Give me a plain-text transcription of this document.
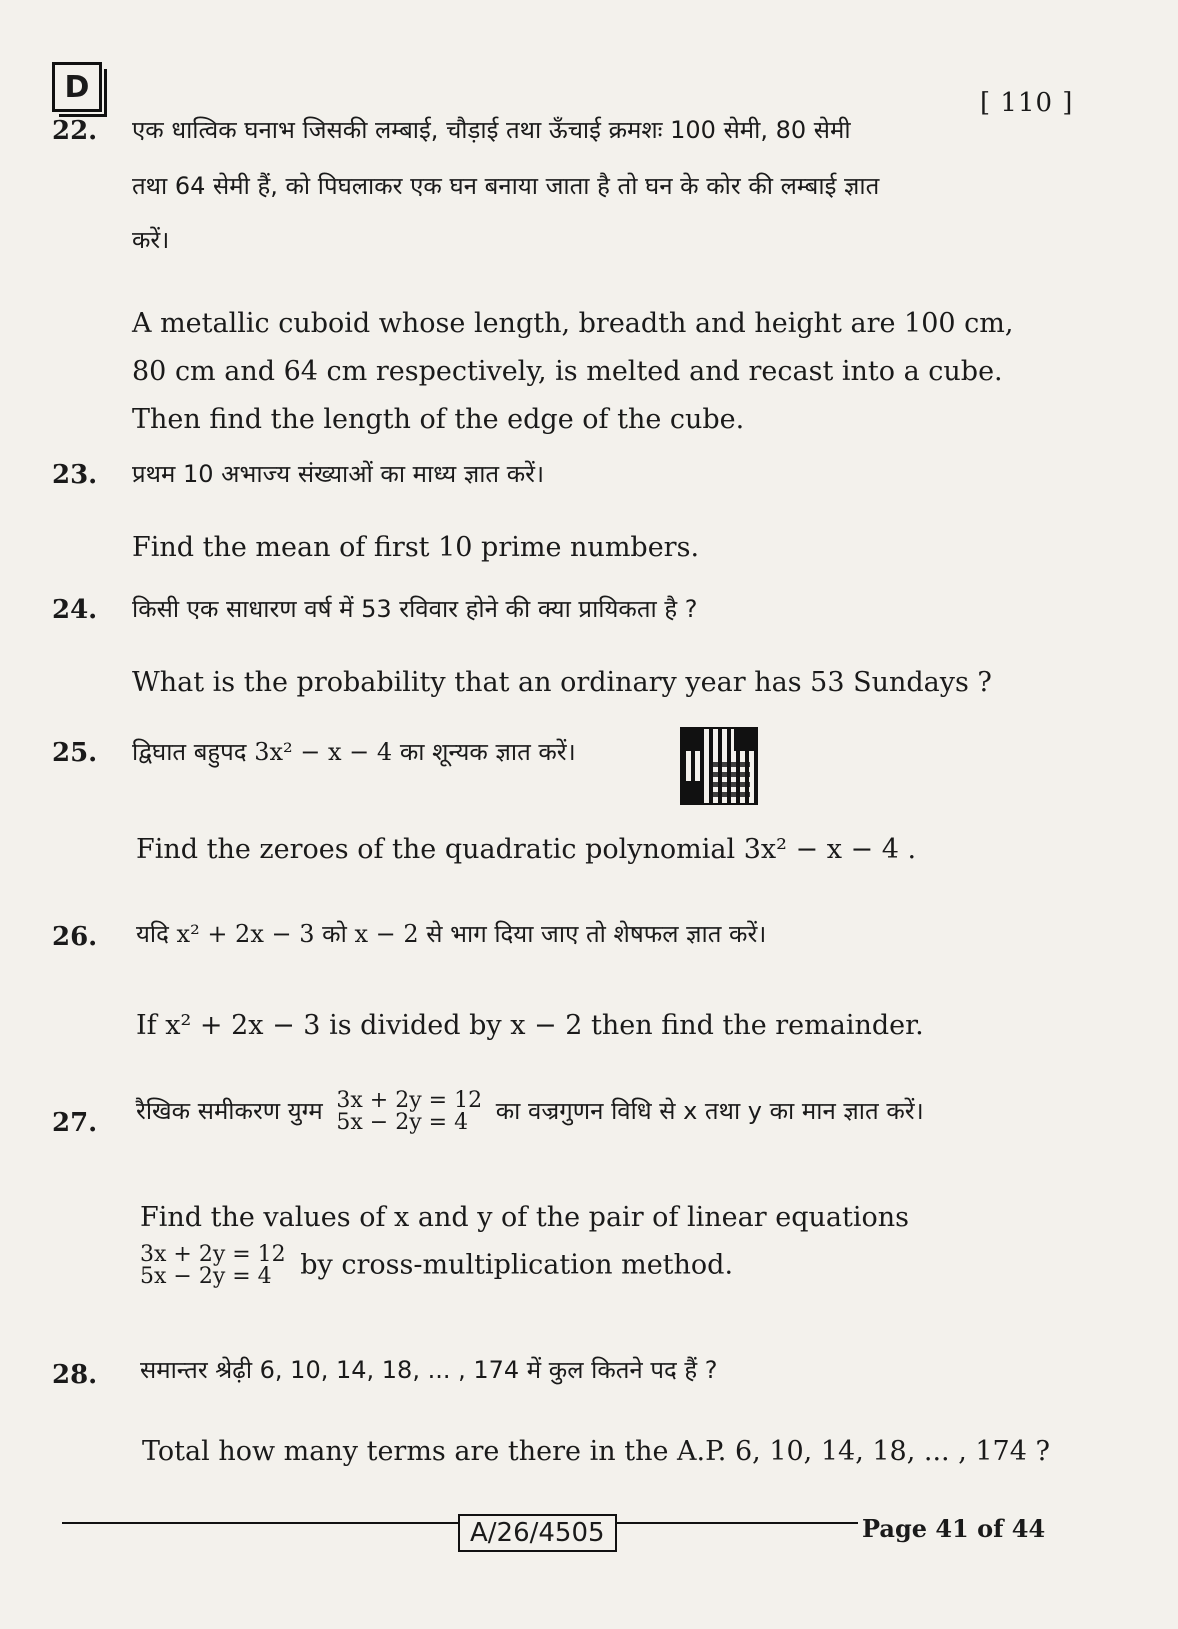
D	[ 110 ]
22. एक धात्विक घनाभ जिसकी लम्बाई, चौड़ाई तथा ऊँचाई क्रमशः 100 सेमी, 80 सेमी
तथा 64 सेमी हैं, को पिघलाकर एक घन बनाया जाता है तो घन के कोर की लम्बाई ज्ञात
करें।
A metallic cuboid whose length, breadth and height are 100 cm,
80 cm and 64 cm respectively, is melted and recast into a cube.
Then find the length of the edge of the cube.
23. प्रथम 10 अभाज्य संख्याओं का माध्य ज्ञात करें।
Find the mean of first 10 prime numbers.
24. किसी एक साधारण वर्ष में 53 रविवार होने की क्या प्रायिकता है ?
What is the probability that an ordinary year has 53 Sundays ?
25. द्विघात बहुपद 3x² − x − 4 का शून्यक ज्ञात करें।
Find the zeroes of the quadratic polynomial 3x² − x − 4 .
26. यदि x² + 2x − 3 को x − 2 से भाग दिया जाए तो शेषफल ज्ञात करें।
If x² + 2x − 3 is divided by x − 2 then find the remainder.
27. रैखिक समीकरण युग्म 3x + 2y = 12
5x − 2y = 4	का वज्रगुणन विधि से x तथा y का मान ज्ञात करें।
Find the values of x and y of the pair of linear equations
3x + 2y = 12
5x − 2y = 4	by cross-multiplication method.
28. समान्तर श्रेढ़ी 6, 10, 14, 18, ... , 174 में कुल कितने पद हैं ?
Total how many terms are there in the A.P. 6, 10, 14, 18, ... , 174 ?
A/26/4505	Page 41 of 44
